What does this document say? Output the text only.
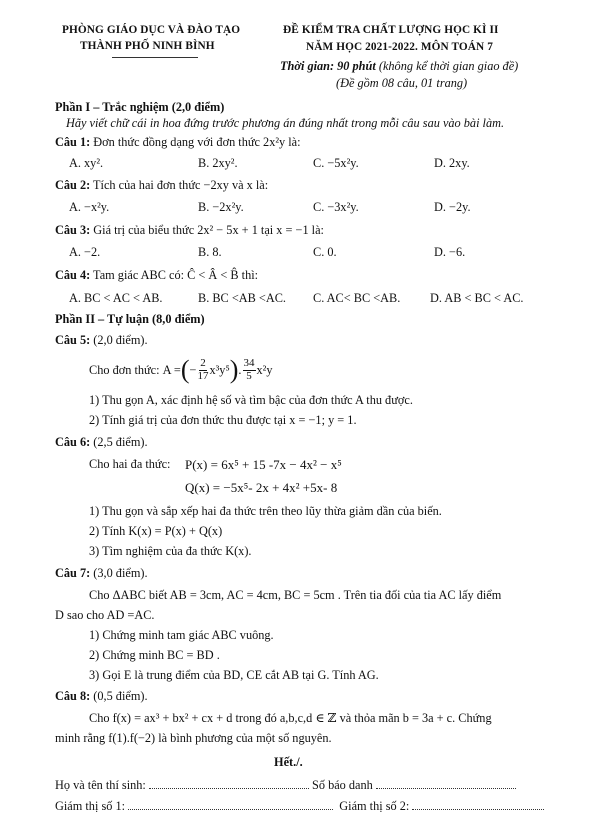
PHÒNG GIÁO DỤC VÀ ĐÀO TẠO
THÀNH PHỐ NINH BÌNH
ĐỀ KIỂM TRA CHẤT LƯỢNG HỌC KÌ II
NĂM HỌC 2021-2022. MÔN TOÁN 7
Thời gian: 90 phút (không kể thời gian giao đề)
(Đề gồm 08 câu, 01 trang)
Phần I – Trắc nghiệm (2,0 điểm)
Hãy viết chữ cái in hoa đứng trước phương án đúng nhất trong mỗi câu sau vào bài làm.
Câu 1: Đơn thức đồng dạng với đơn thức 2x²y là:
A. xy².	B. 2xy².	C. −5x²y.	D. 2xy.
Câu 2: Tích của hai đơn thức −2xy và x là:
A. −x²y.	B. −2x²y.	C. −3x²y.	D. −2y.
Câu 3: Giá trị của biểu thức 2x² − 5x + 1 tại x = −1 là:
A. −2.	B. 8.	C. 0.	D. −6.
Câu 4: Tam giác ABC có: Ĉ < Â < B̂ thì:
A. BC < AC < AB.	B. BC <AB <AC. C. AC< BC <AB. D. AB < BC < AC.
Phần II – Tự luận (8,0 điểm)
Câu 5: (2,0 điểm).
Cho đơn thức:
A = ( − $\frac{2}{17} x^3y^5$ ) . $\frac{34}{5} x^2y$
1) Thu gọn A, xác định hệ số và tìm bậc của đơn thức A thu được.
2) Tính giá trị của đơn thức thu được tại x = −1; y = 1.
Câu 6: (2,5 điểm).
Cho hai đa thức: P(x) = 6x⁵ + 15 -7x − 4x² − x⁵
Q(x) = −5x⁵- 2x + 4x² +5x- 8
1) Thu gọn và sắp xếp hai đa thức trên theo lũy thừa giảm dần của biến.
2) Tính K(x) = P(x) + Q(x)
3) Tìm nghiệm của đa thức K(x).
Câu 7: (3,0 điểm).
Cho ΔABC biết AB = 3cm, AC = 4cm, BC = 5cm . Trên tia đối của tia AC lấy điểm
D sao cho AD =AC.
1) Chứng minh tam giác ABC vuông.
2) Chứng minh BC = BD .
3) Gọi E là trung điểm của BD, CE cắt AB tại G. Tính AG.
Câu 8: (0,5 điểm).
Cho f(x) = ax³ + bx² + cx + d trong đó a,b,c,d ∈ ℤ và thỏa mãn b = 3a + c. Chứng
minh rằng f(1).f(−2) là bình phương của một số nguyên.
Hết./.
Họ và tên thí sinh:	Số báo danh
Giám thị số 1:	Giám thị số 2:
